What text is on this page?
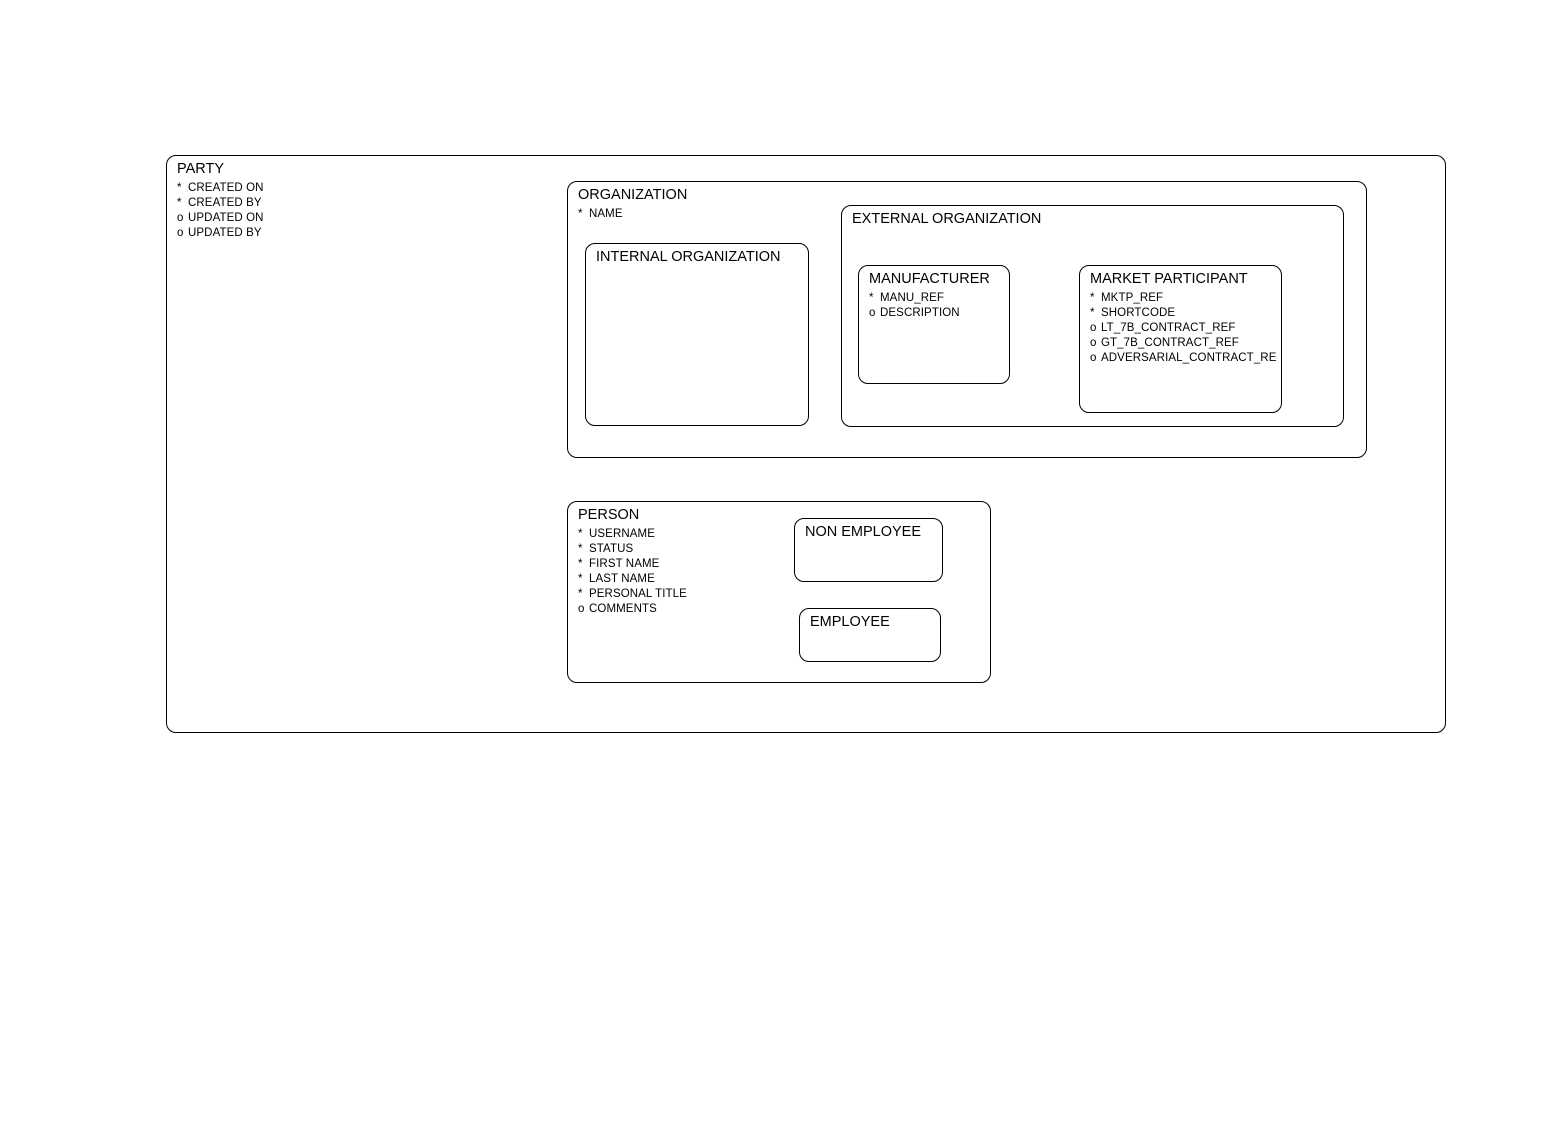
PARTY
* CREATED ON
* CREATED BY
o UPDATED ON
o UPDATED BY
ORGANIZATION
* NAME
INTERNAL ORGANIZATION
EXTERNAL ORGANIZATION
MANUFACTURER
* MANU_REF
o DESCRIPTION
MARKET PARTICIPANT
* MKTP_REF
* SHORTCODE
o LT_7B_CONTRACT_REF
o GT_7B_CONTRACT_REF
o ADVERSARIAL_CONTRACT_RE
PERSON
* USERNAME
* STATUS
* FIRST NAME
* LAST NAME
* PERSONAL TITLE
o COMMENTS
NON EMPLOYEE
EMPLOYEE
